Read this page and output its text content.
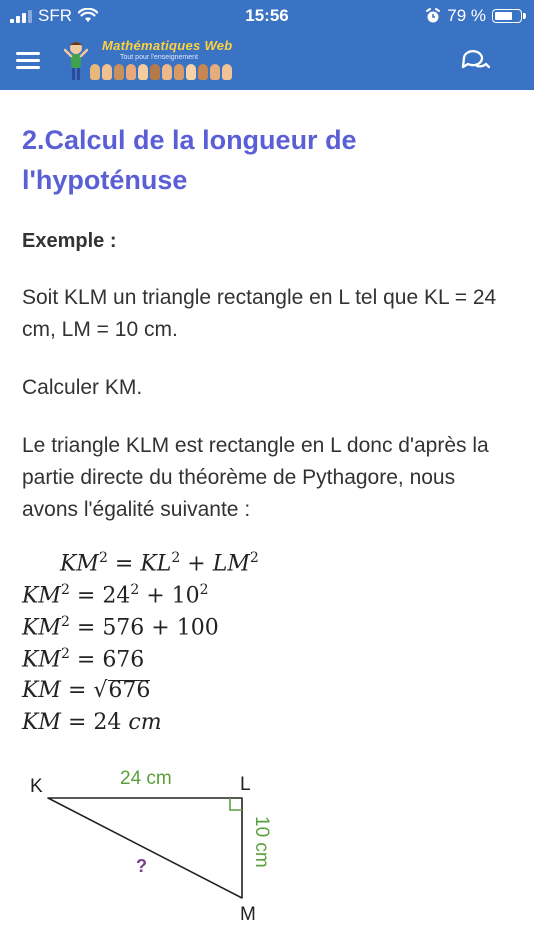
SFR	15:56	79 %
Mathématiques Web
Tout pour l'enseignement
2.Calcul de la longueur de l'hypoténuse
Exemple :
Soit KLM un triangle rectangle en L tel que KL = 24 cm, LM = 10 cm.
Calculer KM.
Le triangle KLM est rectangle en L donc d'après la partie directe du théorème de Pythagore, nous avons l'égalité suivante :
$KM^2 = KL^2 + LM^2$
$KM^2 = 24^2 + 10^2$
$KM^2 = 576 + 100$
$KM^2 = 676$
KM = √676
KM = 24 cm
K	L
M
24 cm
10 cm
?
